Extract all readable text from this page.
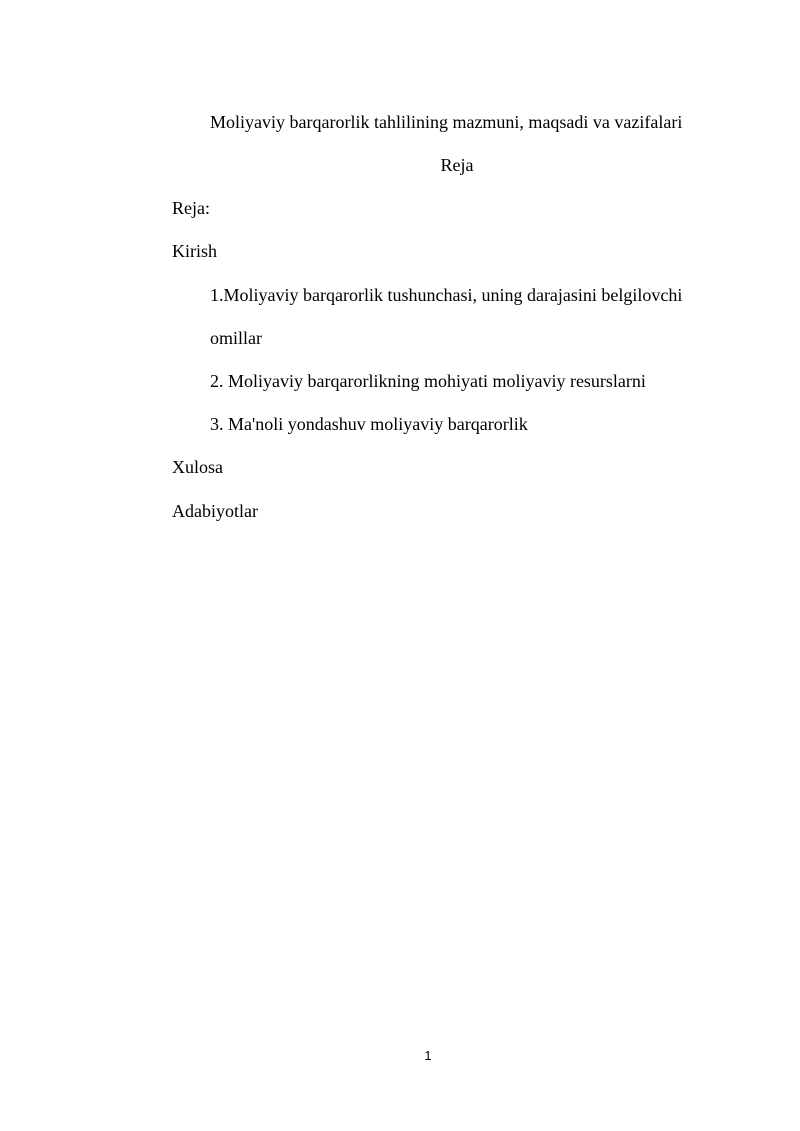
Moliyaviy barqarorlik tahlilining mazmuni, maqsadi va vazifalari
Reja
Reja:
Kirish
1.Moliyaviy barqarorlik tushunchasi, uning darajasini belgilovchi
omillar
2. Moliyaviy barqarorlikning mohiyati moliyaviy resurslarni
3. Ma'noli yondashuv moliyaviy barqarorlik
Xulosa
Adabiyotlar
1
